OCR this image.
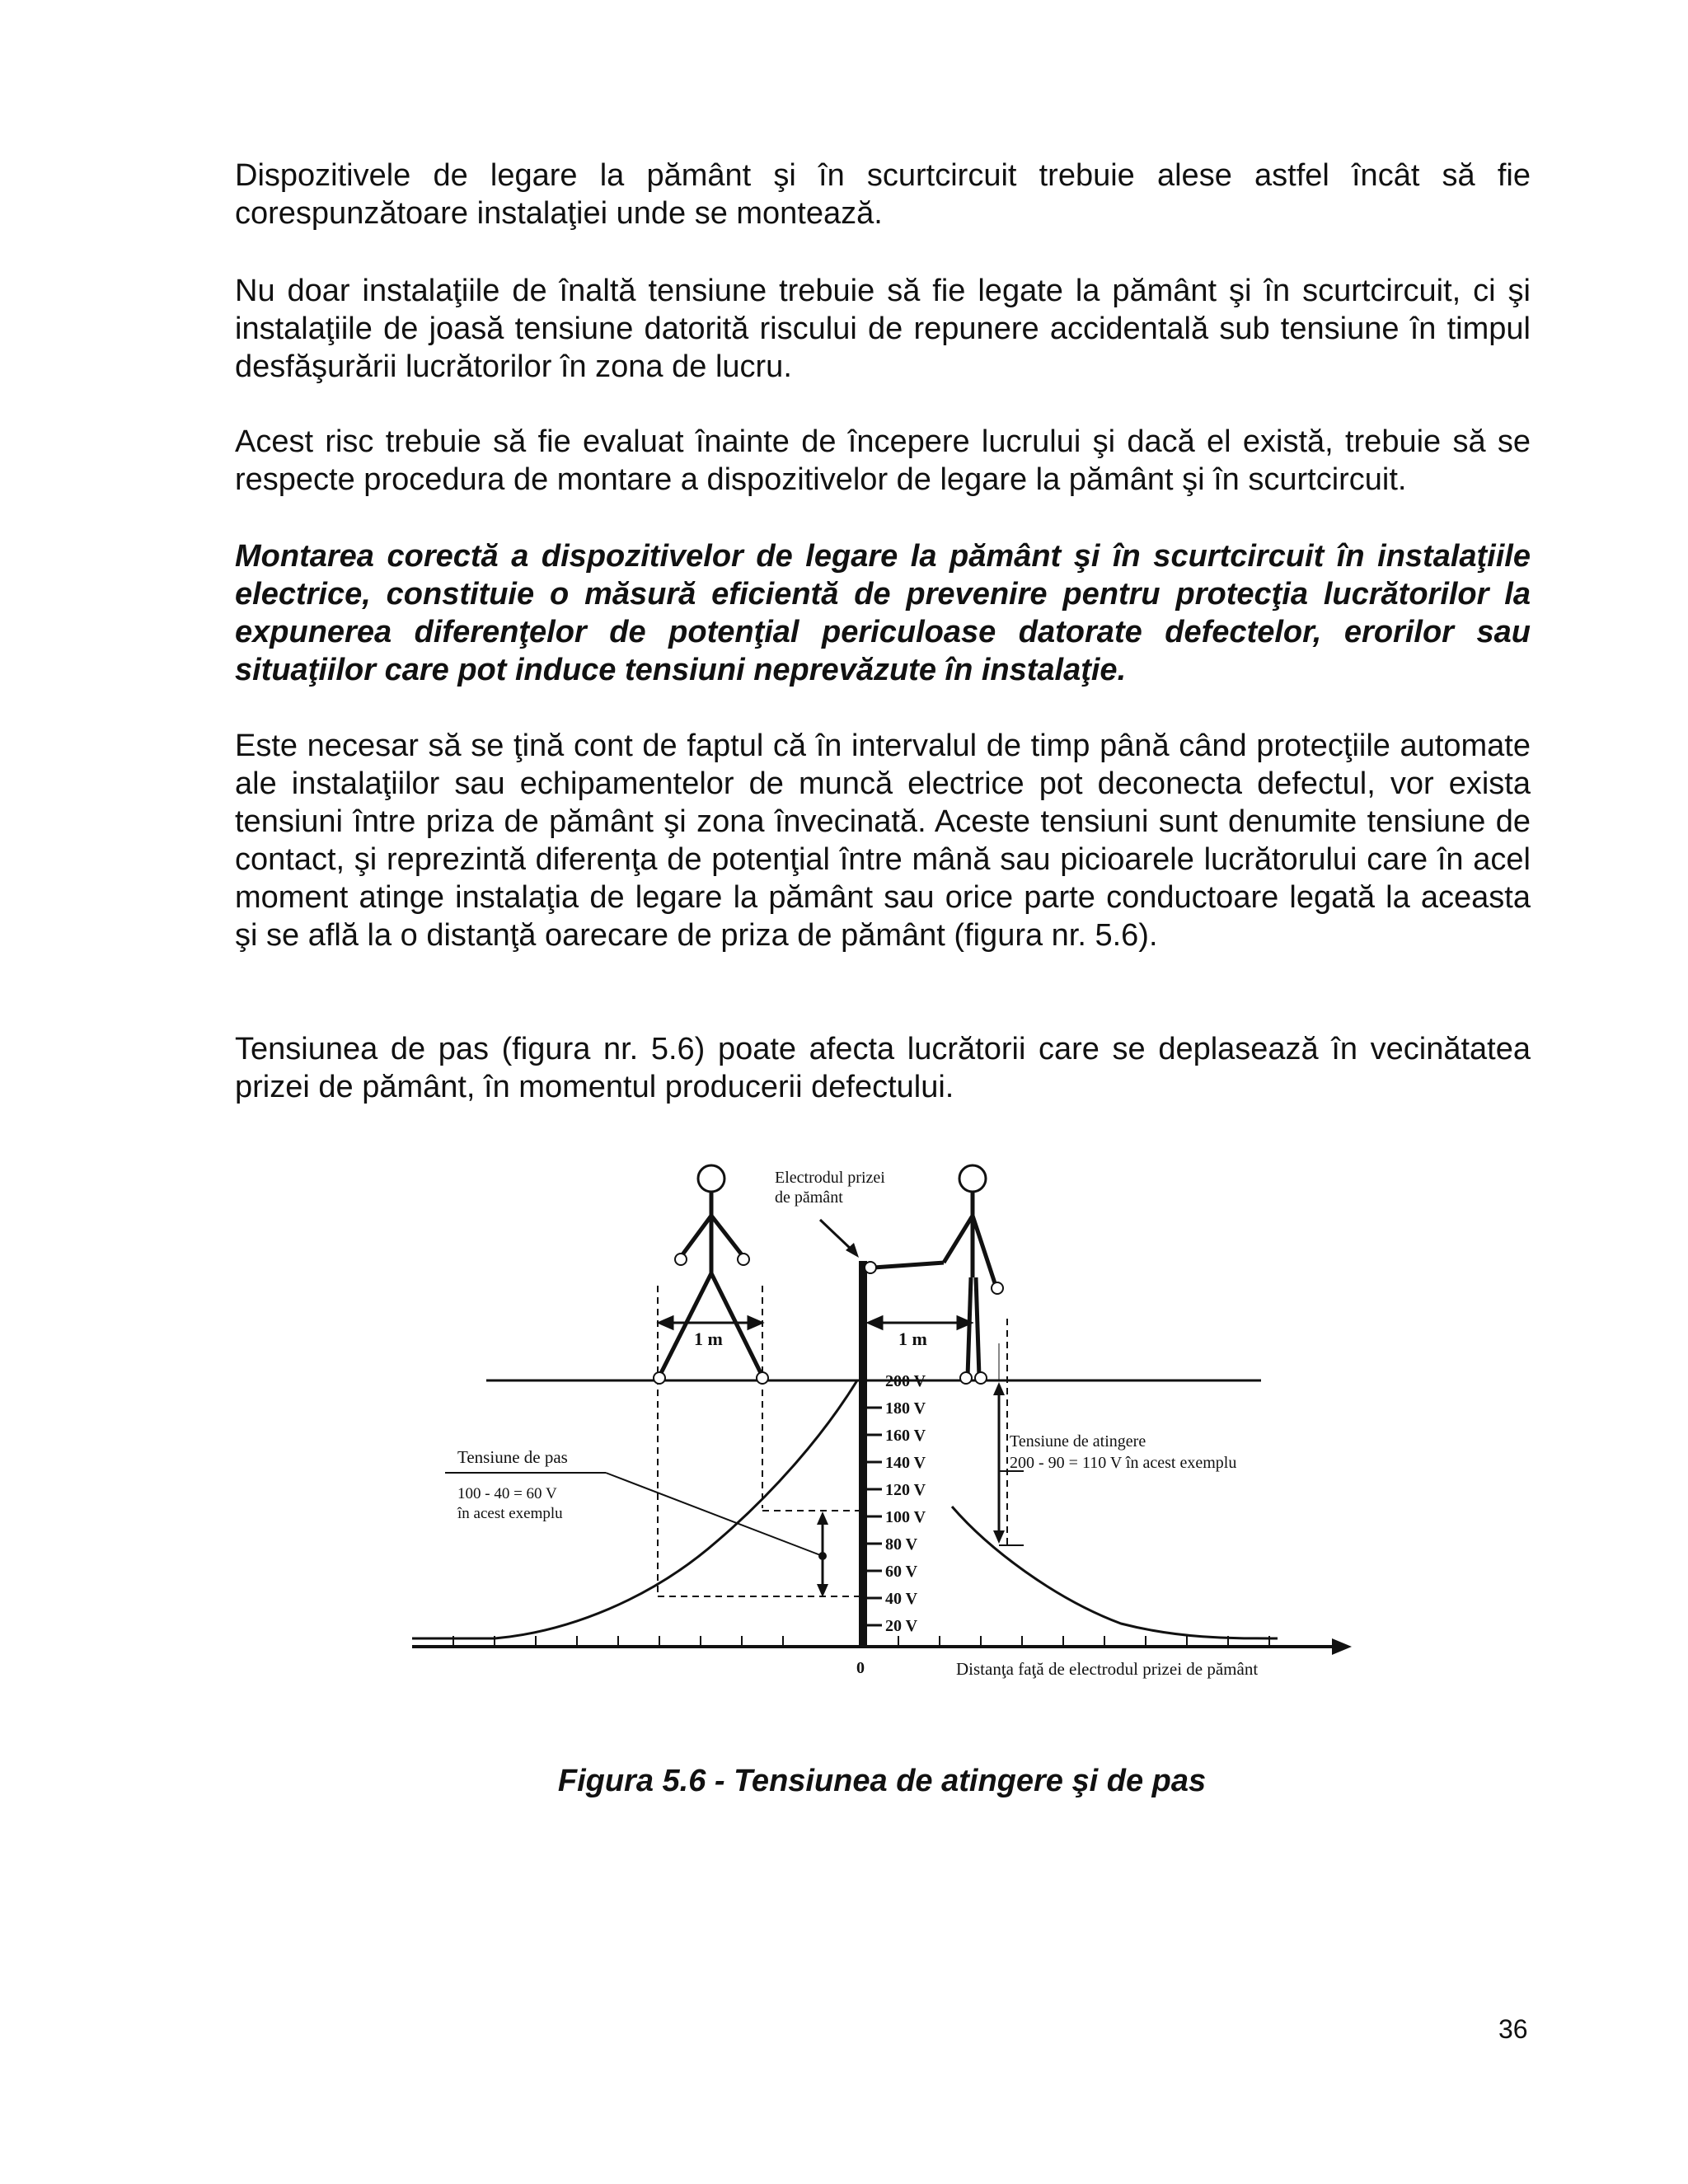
Dispozitivele de legare la pământ şi în scurtcircuit trebuie alese astfel încât să fie corespunzătoare instalaţiei unde se montează.

Nu doar instalaţiile de înaltă tensiune trebuie să fie legate la pământ şi în scurtcircuit, ci şi instalaţiile de joasă tensiune datorită riscului de repunere accidentală sub tensiune în timpul desfăşurării lucrătorilor în zona de lucru.

Acest risc trebuie să fie evaluat înainte de începere lucrului şi dacă el există, trebuie să se respecte procedura de montare a dispozitivelor de legare la pământ şi în scurtcircuit.

Montarea corectă a dispozitivelor de legare la pământ şi în scurtcircuit în instalaţiile electrice, constituie o măsură eficientă de prevenire pentru protecţia lucrătorilor la expunerea diferenţelor de potenţial periculoase datorate defectelor, erorilor sau situaţiilor care pot induce tensiuni neprevăzute în instalaţie.

Este necesar să se ţină cont de faptul că în intervalul de timp până când protecţiile automate ale instalaţiilor sau echipamentelor de muncă electrice pot deconecta defectul, vor exista tensiuni între priza de pământ şi zona învecinată. Aceste tensiuni sunt denumite tensiune de contact, şi reprezintă diferenţa de potenţial între mână sau picioarele lucrătorului care în acel moment atinge instalaţia de legare la pământ sau orice parte conductoare legată la aceasta şi se află la o distanţă oarecare de priza de pământ (figura nr. 5.6).

Tensiunea de pas (figura nr. 5.6) poate afecta lucrătorii care se deplasează în vecinătatea prizei de pământ, în momentul producerii defectului.

200 V
180 V
160 V
140 V
120 V
100 V
80 V
60 V
40 V
20 V
0	Distanţa faţă de electrodul prizei de pământ
1 m	1 m
Electrodul prizei
de pământ
Tensiune de pas
100 - 40 = 60 V
în acest exemplu
Tensiune de atingere
200 - 90 = 110 V în acest exemplu
Figura 5.6 - Tensiunea de atingere şi de pas
36
